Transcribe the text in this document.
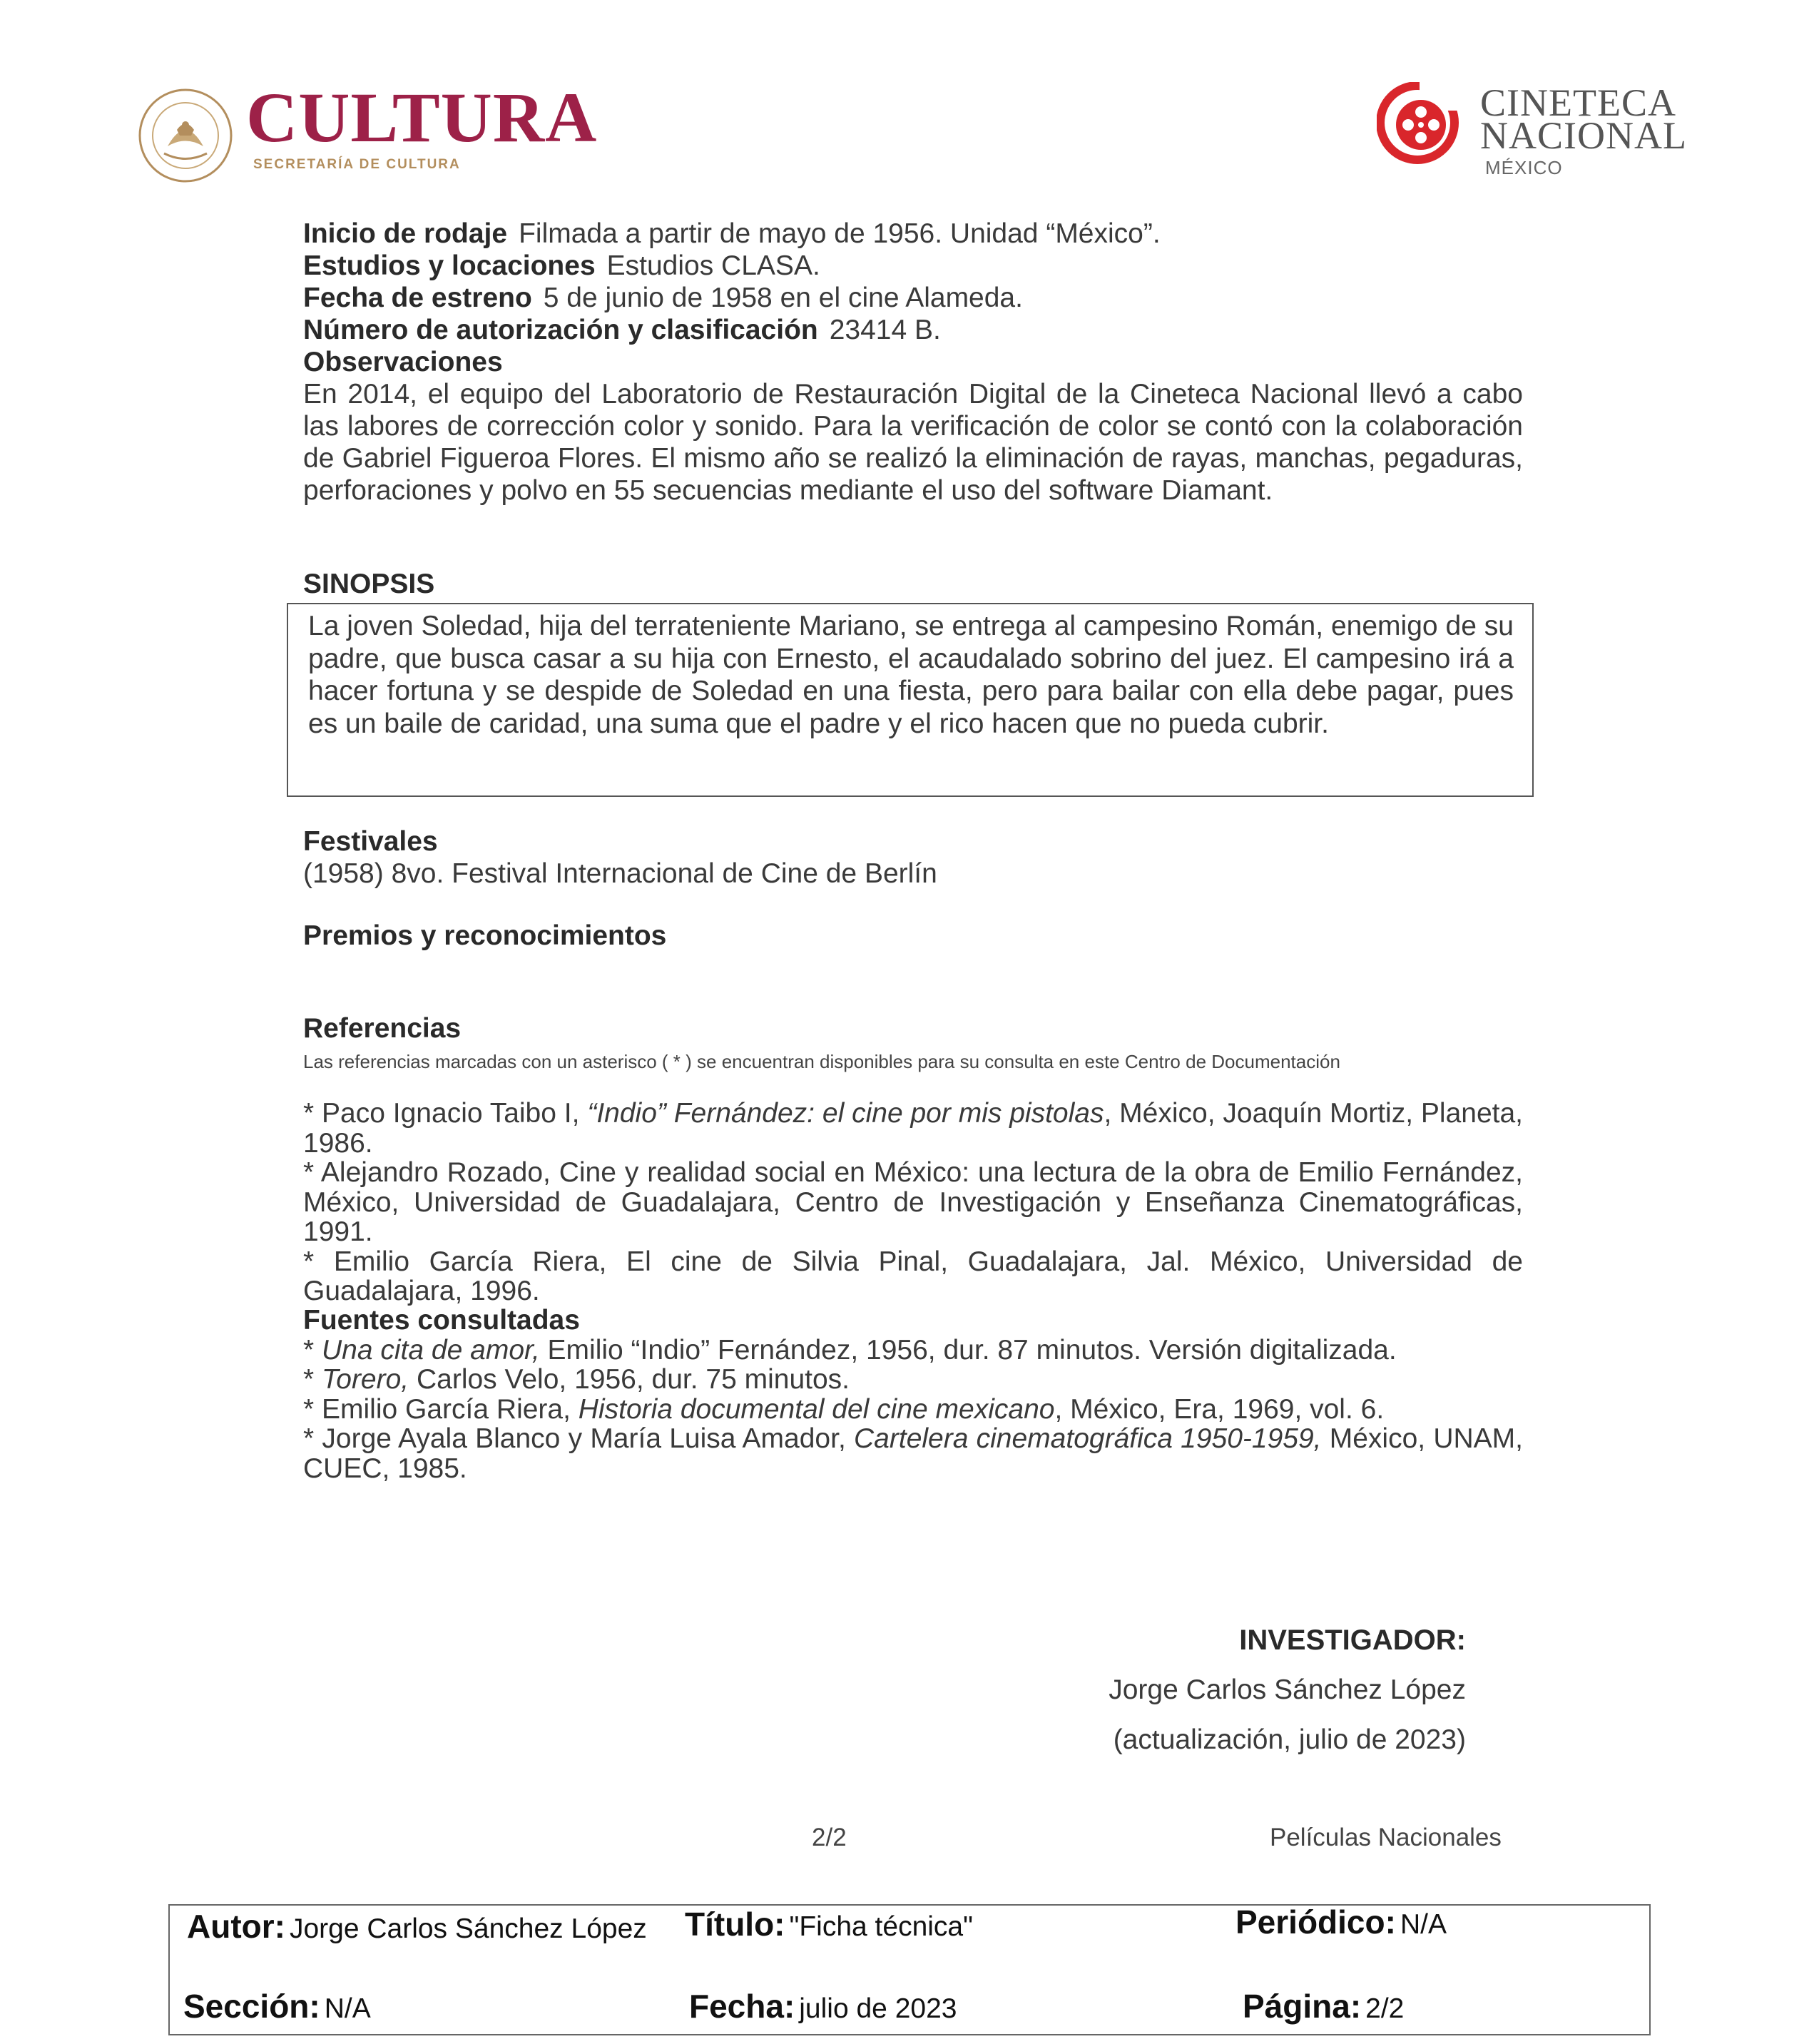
CULTURA
SECRETARÍA DE CULTURA
CINETECA
NACIONAL
MÉXICO
Inicio de rodaje Filmada a partir de mayo de 1956. Unidad “México”.
Estudios y locaciones Estudios CLASA.
Fecha de estreno 5 de junio de 1958 en el cine Alameda.
Número de autorización y clasificación 23414 B.
Observaciones
En 2014, el equipo del Laboratorio de Restauración Digital de la Cineteca Nacional llevó a cabo las labores de corrección color y sonido. Para la verificación de color se contó con la colaboración de Gabriel Figueroa Flores. El mismo año se realizó la eliminación de rayas, manchas, pegaduras, perforaciones y polvo en 55 secuencias mediante el uso del software Diamant.
SINOPSIS
La joven Soledad, hija del terrateniente Mariano, se entrega al campesino Román, enemigo de su padre, que busca casar a su hija con Ernesto, el acaudalado sobrino del juez. El campesino irá a hacer fortuna y se despide de Soledad en una fiesta, pero para bailar con ella debe pagar, pues es un baile de caridad, una suma que el padre y el rico hacen que no pueda cubrir.
Festivales
(1958) 8vo. Festival Internacional de Cine de Berlín
Premios y reconocimientos
Referencias
Las referencias marcadas con un asterisco ( * ) se encuentran disponibles para su consulta en este Centro de Documentación
* Paco Ignacio Taibo I, “Indio” Fernández: el cine por mis pistolas, México, Joaquín Mortiz, Planeta, 1986.
* Alejandro Rozado, Cine y realidad social en México: una lectura de la obra de Emilio Fernández, México, Universidad de Guadalajara, Centro de Investigación y Enseñanza Cinematográficas, 1991.
* Emilio García Riera, El cine de Silvia Pinal, Guadalajara, Jal. México, Universidad de Guadalajara, 1996.
Fuentes consultadas
* Una cita de amor, Emilio “Indio” Fernández, 1956, dur. 87 minutos. Versión digitalizada.
* Torero, Carlos Velo, 1956, dur. 75 minutos.
* Emilio García Riera, Historia documental del cine mexicano, México, Era, 1969, vol. 6.
* Jorge Ayala Blanco y María Luisa Amador, Cartelera cinematográfica 1950-1959, México, UNAM, CUEC, 1985.
INVESTIGADOR:
Jorge Carlos Sánchez López
(actualización, julio de 2023)
2/2	Películas Nacionales
Autor: Jorge Carlos Sánchez López Título: "Ficha técnica"	Periódico: N/A
Sección: N/A	Fecha: julio de 2023	Página: 2/2
